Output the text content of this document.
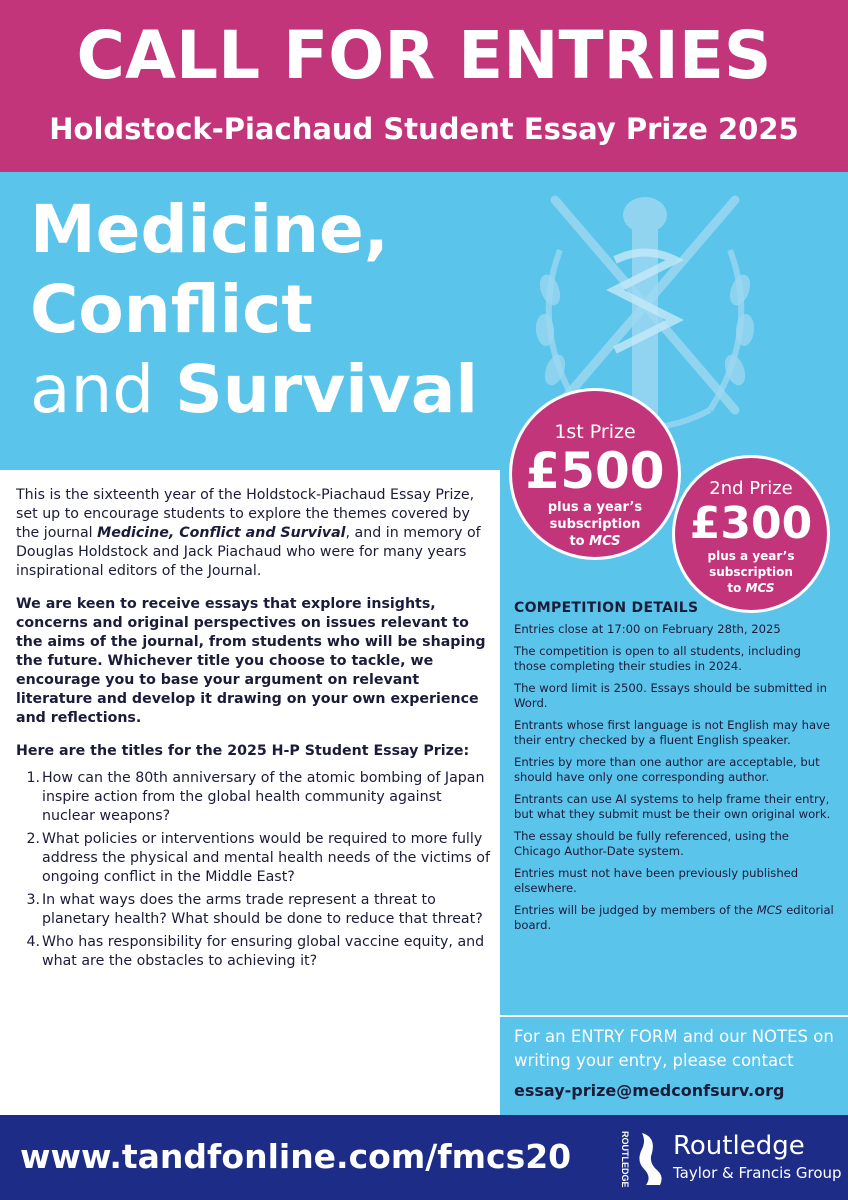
CALL FOR ENTRIES
Holdstock-Piachaud Student Essay Prize 2025
Medicine,
Conflict
and Survival
COMPETITION DETAILS
Entries close at 17:00 on February 28th, 2025
The competition is open to all students, including those completing their studies in 2024.
The word limit is 2500. Essays should be submitted in Word.
Entrants whose first language is not English may have their entry checked by a fluent English speaker.
Entries by more than one author are acceptable, but should have only one corresponding author.
Entrants can use AI systems to help frame their entry, but what they submit must be their own original work.
The essay should be fully referenced, using the Chicago Author-Date system.
Entries must not have been previously published elsewhere.
Entries will be judged by members of the MCS editorial board.
For an ENTRY FORM and our NOTES on writing your entry, please contact
essay-prize@medconfsurv.org
1st Prize
£500
plus a year’s
subscription
to MCS
2nd Prize
£300
plus a year’s
subscription
to MCS

This is the sixteenth year of the Holdstock-Piachaud Essay Prize, set up to encourage students to explore the themes covered by the journal Medicine, Conflict and Survival, and in memory of Douglas Holdstock and Jack Piachaud who were for many years inspirational editors of the Journal.

We are keen to receive essays that explore insights, concerns and original perspectives on issues relevant to the aims of the journal, from students who will be shaping the future. Whichever title you choose to tackle, we encourage you to base your argument on relevant literature and develop it drawing on your own experience and reflections.

Here are the titles for the 2025 H-P Student Essay Prize:

1. How can the 80th anniversary of the atomic bombing of Japan inspire action from the global health community against nuclear weapons?
2. What policies or interventions would be required to more fully address the physical and mental health needs of the victims of ongoing conflict in the Middle East?
3. In what ways does the arms trade represent a threat to planetary health? What should be done to reduce that threat?
4. Who has responsibility for ensuring global vaccine equity, and what are the obstacles to achieving it?
www.tandfonline.com/fmcs20	ROUTLEDGE Routledge
Taylor & Francis Group
